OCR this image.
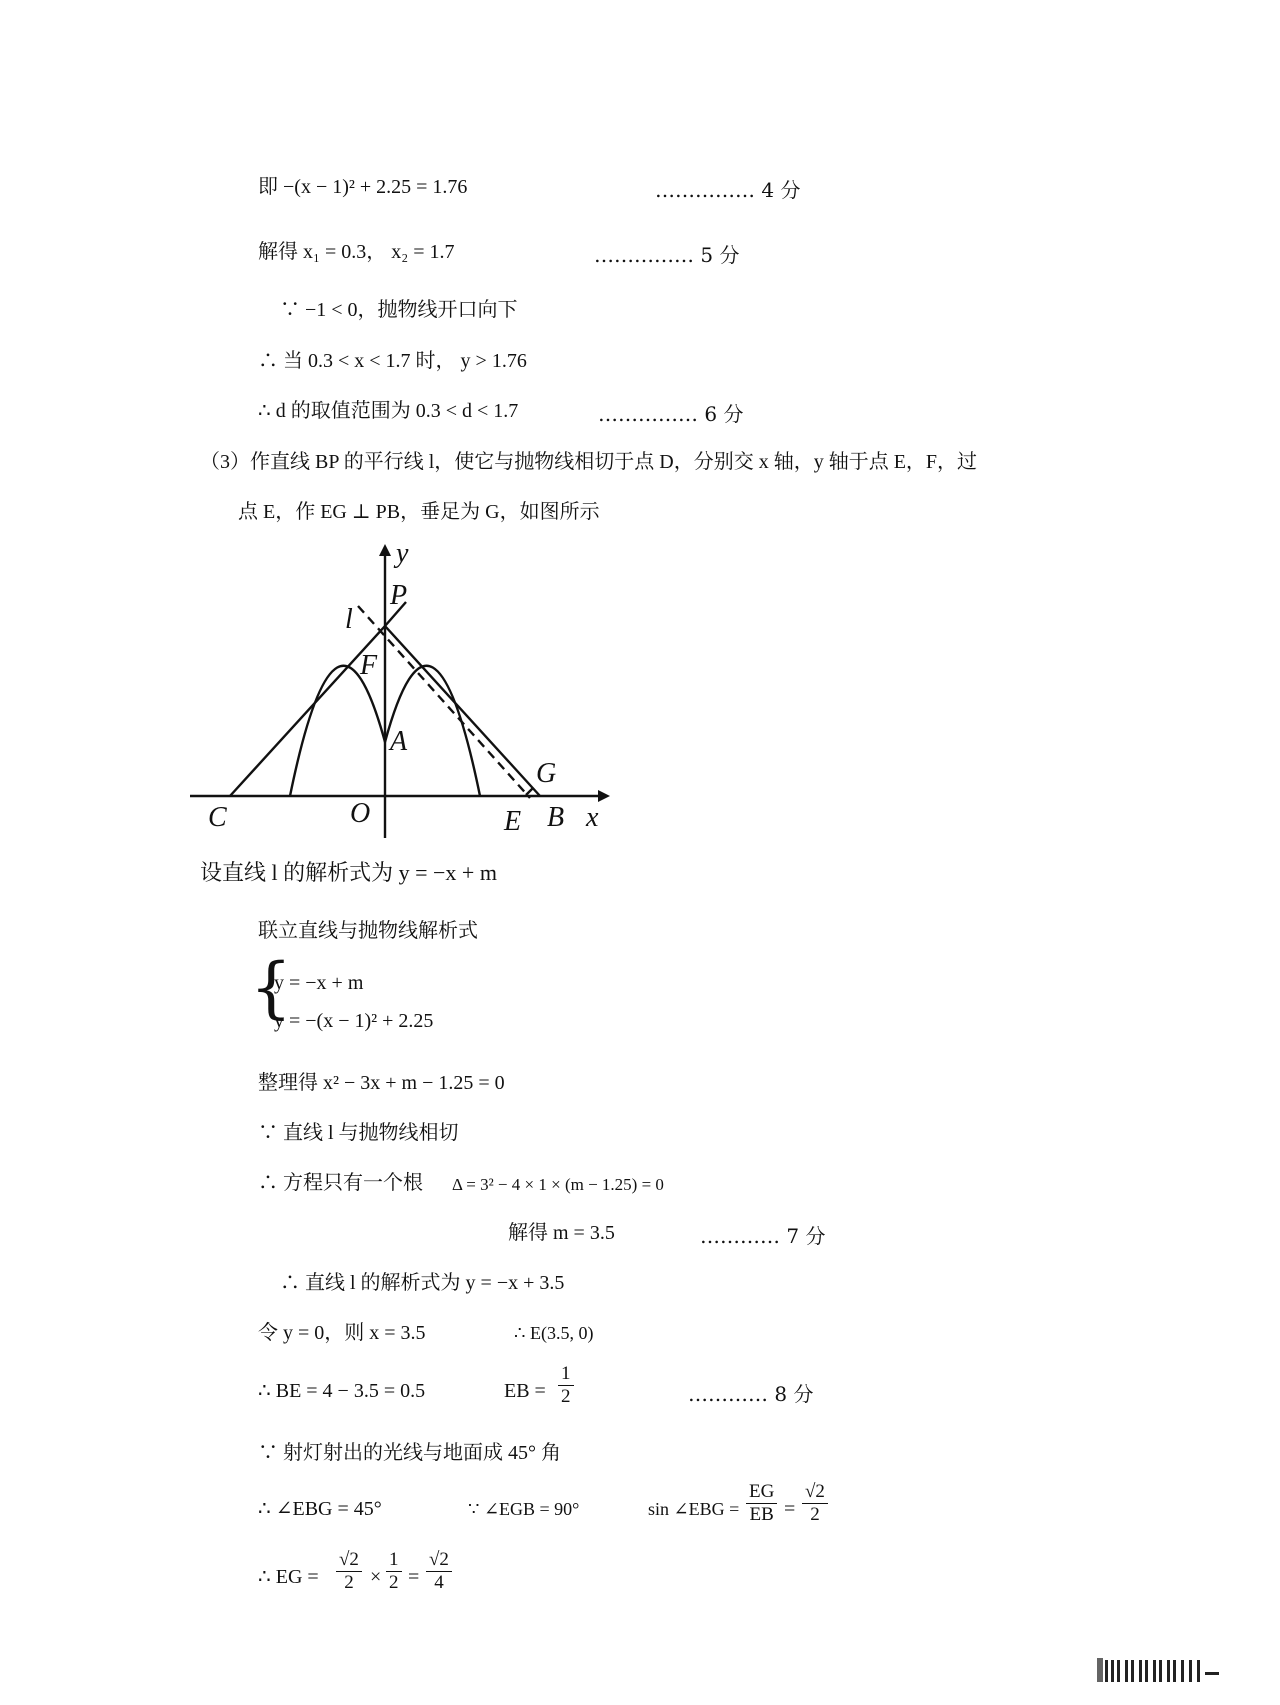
即 −(x − 1)² + 2.25 = 1.76	…………… 4 分
解得 x₁ = 0.3， x₂ = 1.7	…………… 5 分
∵ −1 < 0，抛物线开口向下
∴ 当 0.3 < x < 1.7 时， y > 1.76
∴ d 的取值范围为 0.3 < d < 1.7	…………… 6 分
（3）作直线 BP 的平行线 l，使它与抛物线相切于点 D，分别交 x 轴，y 轴于点 E，F，过
点 E，作 EG ⊥ PB，垂足为 G，如图所示
y
x
P
l
F
A
G
C	O	E B
设直线 l 的解析式为 y = −x + m
联立直线与抛物线解析式
{
y = −x + m
y = −(x − 1)² + 2.25
整理得 x² − 3x + m − 1.25 = 0
∵ 直线 l 与抛物线相切
∴ 方程只有一个根 Δ = 3² − 4 × 1 × (m − 1.25) = 0
解得 m = 3.5	………… 7 分
∴ 直线 l 的解析式为 y = −x + 3.5
令 y = 0，则 x = 3.5	∴ E(3.5, 0)
∴ BE = 4 − 3.5 = 0.5	EB = $\frac{1}{2}$	………… 8 分
∵ 射灯射出的光线与地面成 45° 角
∴ ∠EBG = 45°	∵ ∠EGB = 90°	sin ∠EBG = $\frac{EG}{EB} = \frac{√2}{2}$
∴ EG = $\frac{√2}{2} \times \frac{1}{2} = \frac{√2}{4}$
